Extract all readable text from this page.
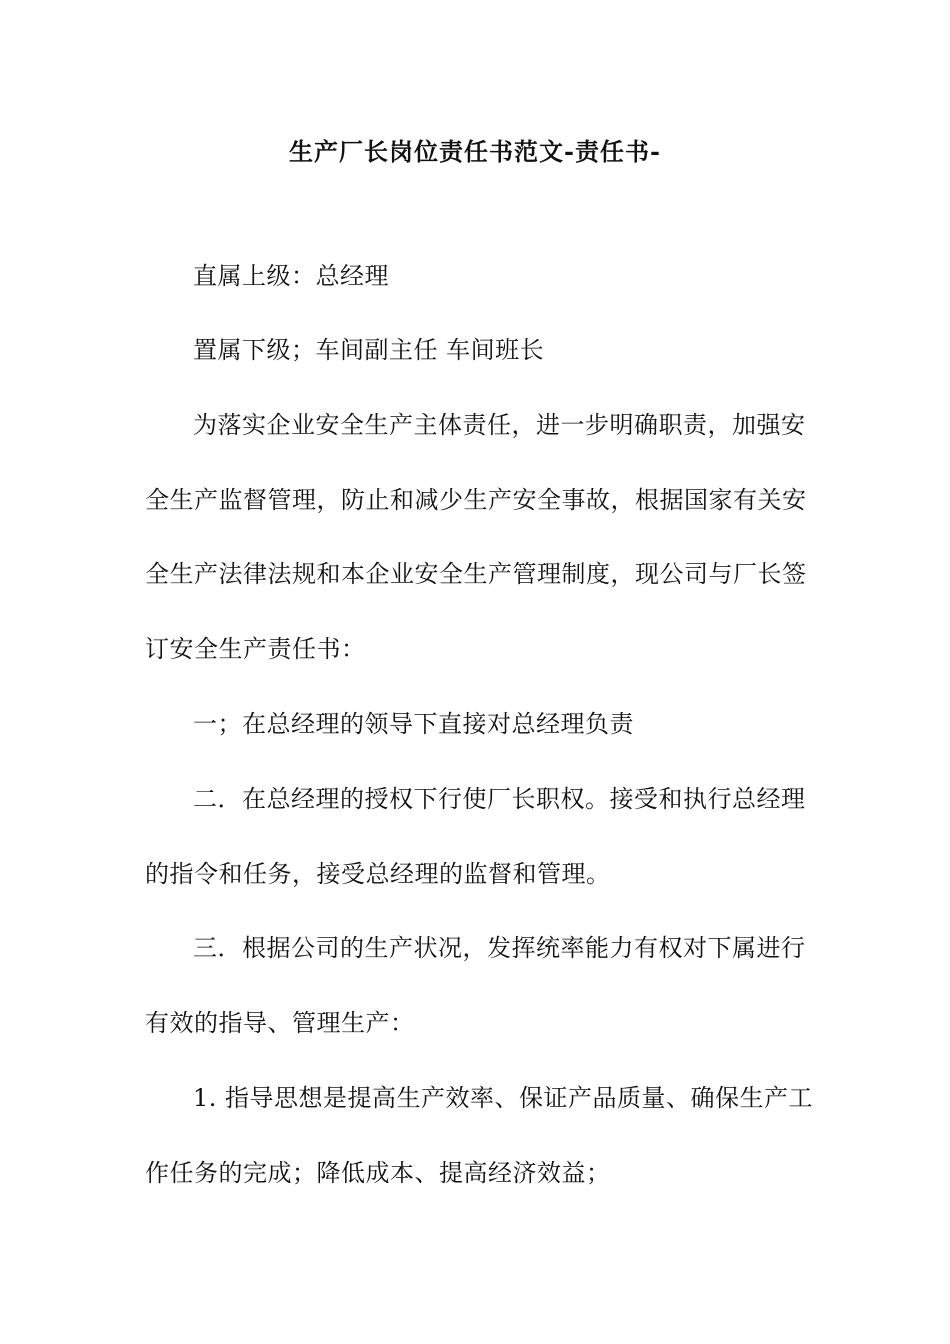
生产厂长岗位责任书范文-责任书-
直属上级：总经理
置属下级；车间副主任 车间班长
为落实企业安全生产主体责任，进一步明确职责，加强安
全生产监督管理，防止和减少生产安全事故，根据国家有关安
全生产法律法规和本企业安全生产管理制度，现公司与厂长签
订安全生产责任书：
一；在总经理的领导下直接对总经理负责
二．在总经理的授权下行使厂长职权。接受和执行总经理
的指令和任务，接受总经理的监督和管理。
三．根据公司的生产状况，发挥统率能力有权对下属进行
有效的指导、管理生产：
1. 指导思想是提高生产效率、保证产品质量、确保生产工
作任务的完成；降低成本、提高经济效益；
